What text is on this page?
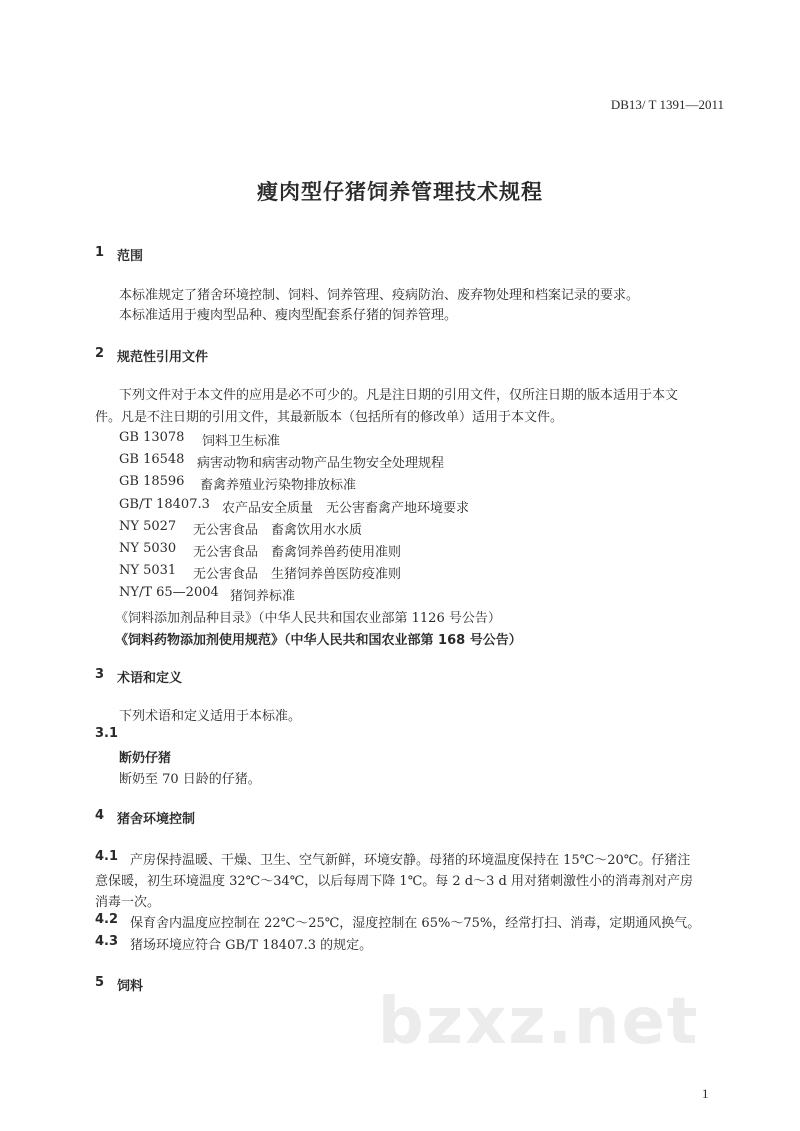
DB13/ T 1391—2011
瘦肉型仔猪饲养管理技术规程
1 范围
本标准规定了猪舍环境控制、饲料、饲养管理、疫病防治、废弃物处理和档案记录的要求。
本标准适用于瘦肉型品种、瘦肉型配套系仔猪的饲养管理。
2 规范性引用文件
下列文件对于本文件的应用是必不可少的。凡是注日期的引用文件，仅所注日期的版本适用于本文
件。凡是不注日期的引用文件，其最新版本（包括所有的修改单）适用于本文件。
GB 13078 饲料卫生标准
GB 16548 病害动物和病害动物产品生物安全处理规程
GB 18596 畜禽养殖业污染物排放标准
GB/T 18407.3 农产品安全质量　无公害畜禽产地环境要求
NY 5027 无公害食品　畜禽饮用水水质
NY 5030 无公害食品　畜禽饲养兽药使用准则
NY 5031 无公害食品　生猪饲养兽医防疫准则
NY/T 65—2004 猪饲养标准
《饲料添加剂品种目录》（中华人民共和国农业部第 1126 号公告）
《饲料药物添加剂使用规范》（中华人民共和国农业部第 168 号公告）
3 术语和定义
下列术语和定义适用于本标准。
3.1
断奶仔猪
断奶至 70 日龄的仔猪。
4 猪舍环境控制
4.1 产房保持温暖、干燥、卫生、空气新鲜，环境安静。母猪的环境温度保持在 15℃～20℃。仔猪注
意保暖，初生环境温度 32℃～34℃，以后每周下降 1℃。每 2 d～3 d 用对猪刺激性小的消毒剂对产房
消毒一次。
4.2 保育舍内温度应控制在 22℃～25℃，湿度控制在 65%～75%，经常打扫、消毒，定期通风换气。
4.3 猪场环境应符合 GB/T 18407.3 的规定。
5 饲料	bzxz.net
1
